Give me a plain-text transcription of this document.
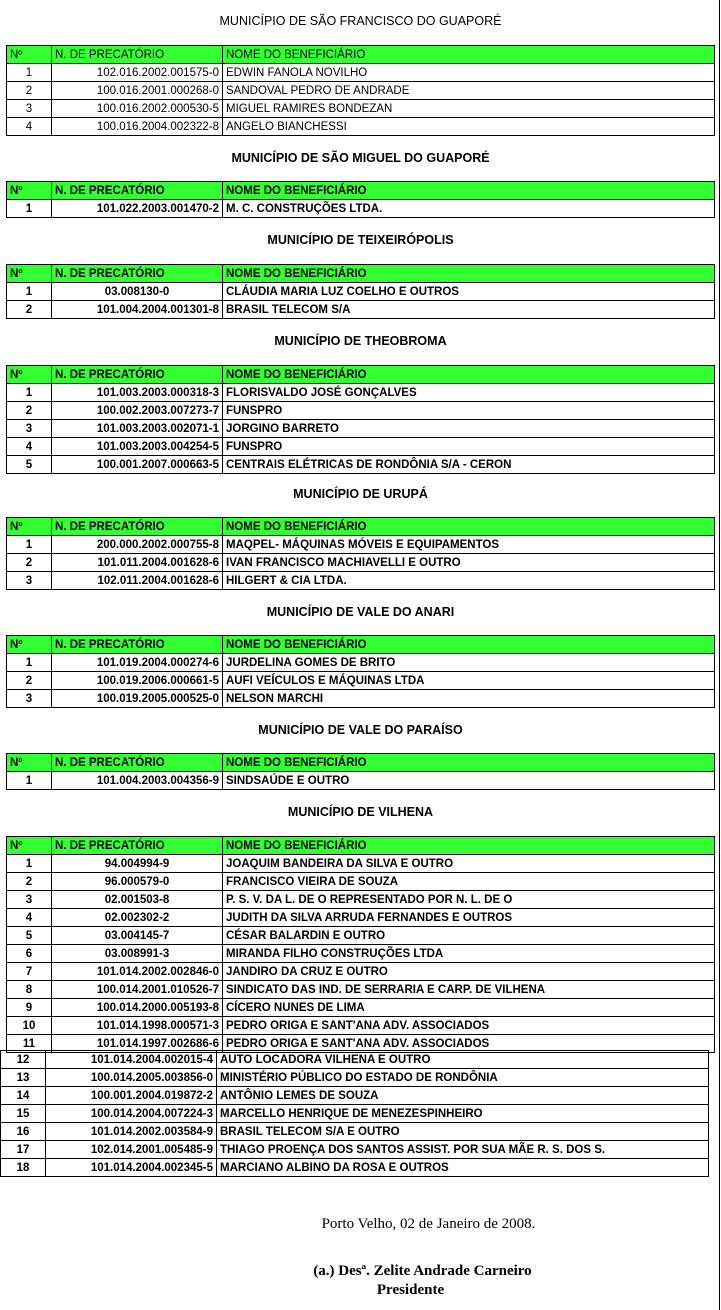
MUNICÍPIO DE SÃO FRANCISCO DO GUAPORÉ
Nº	N. DE PRECATÓRIO	NOME DO BENEFICIÁRIO
1	102.016.2002.001575-0	EDWIN FANOLA NOVILHO
2	100.016.2001.000268-0	SANDOVAL PEDRO DE ANDRADE
3	100.016.2002.000530-5	MIGUEL RAMIRES BONDEZAN
4	100.016.2004.002322-8	ANGELO BIANCHESSI
MUNICÍPIO DE SÃO MIGUEL DO GUAPORÉ
Nº	N. DE PRECATÓRIO	NOME DO BENEFICIÁRIO
1	101.022.2003.001470-2	M. C. CONSTRUÇÕES LTDA.
MUNICÍPIO DE TEIXEIRÓPOLIS
Nº	N. DE PRECATÓRIO	NOME DO BENEFICIÁRIO
1	03.008130-0	CLÁUDIA MARIA LUZ COELHO E OUTROS
2	101.004.2004.001301-8	BRASIL TELECOM S/A
MUNICÍPIO DE THEOBROMA
Nº	N. DE PRECATÓRIO	NOME DO BENEFICIÁRIO
1	101.003.2003.000318-3	FLORISVALDO JOSÉ GONÇALVES
2	100.002.2003.007273-7	FUNSPRO
3	101.003.2003.002071-1	JORGINO BARRETO
4	101.003.2003.004254-5	FUNSPRO
5	100.001.2007.000663-5	CENTRAIS ELÉTRICAS DE RONDÔNIA S/A - CERON
MUNICÍPIO DE URUPÁ
Nº	N. DE PRECATÓRIO	NOME DO BENEFICIÁRIO
1	200.000.2002.000755-8	MAQPEL- MÁQUINAS MÓVEIS E EQUIPAMENTOS
2	101.011.2004.001628-6	IVAN FRANCISCO MACHIAVELLI E OUTRO
3	102.011.2004.001628-6	HILGERT & CIA LTDA.
MUNICÍPIO DE VALE DO ANARI
Nº	N. DE PRECATÓRIO	NOME DO BENEFICIÁRIO
1	101.019.2004.000274-6	JURDELINA GOMES DE BRITO
2	100.019.2006.000661-5	AUFI VEÍCULOS E MÁQUINAS LTDA
3	100.019.2005.000525-0	NELSON MARCHI
MUNICÍPIO DE VALE DO PARAÍSO
Nº	N. DE PRECATÓRIO	NOME DO BENEFICIÁRIO
1	101.004.2003.004356-9	SINDSAÚDE E OUTRO
MUNICÍPIO DE VILHENA
Nº	N. DE PRECATÓRIO	NOME DO BENEFICIÁRIO
1	94.004994-9	JOAQUIM BANDEIRA DA SILVA E OUTRO
2	96.000579-0	FRANCISCO VIEIRA DE SOUZA
3	02.001503-8	P. S. V. DA L. DE O REPRESENTADO POR N. L. DE O
4	02.002302-2	JUDITH DA SILVA ARRUDA FERNANDES E OUTROS
5	03.004145-7	CÉSAR BALARDIN E OUTRO
6	03.008991-3	MIRANDA FILHO CONSTRUÇÕES LTDA
7	101.014.2002.002846-0	JANDIRO DA CRUZ E OUTRO
8	100.014.2001.010526-7	SINDICATO DAS IND. DE SERRARIA E CARP. DE VILHENA
9	100.014.2000.005193-8	CÍCERO NUNES DE LIMA
10	101.014.1998.000571-3	PEDRO ORIGA E SANT'ANA ADV. ASSOCIADOS
11	101.014.1997.002686-6	PEDRO ORIGA E SANT'ANA ADV. ASSOCIADOS
12	101.014.2004.002015-4	AUTO LOCADORA VILHENA E OUTRO
13	100.014.2005.003856-0	MINISTÉRIO PÚBLICO DO ESTADO DE RONDÔNIA
14	100.001.2004.019872-2	ANTÔNIO LEMES DE SOUZA
15	100.014.2004.007224-3	MARCELLO HENRIQUE DE MENEZESPINHEIRO
16	101.014.2002.003584-9	BRASIL TELECOM S/A E OUTRO
17	102.014.2001.005485-9	THIAGO PROENÇA DOS SANTOS ASSIST. POR SUA MÃE R. S. DOS S.
18	101.014.2004.002345-5	MARCIANO ALBINO DA ROSA E OUTROS
Porto Velho, 02 de Janeiro de 2008.
(a.) Desª. Zelite Andrade Carneiro
Presidente
